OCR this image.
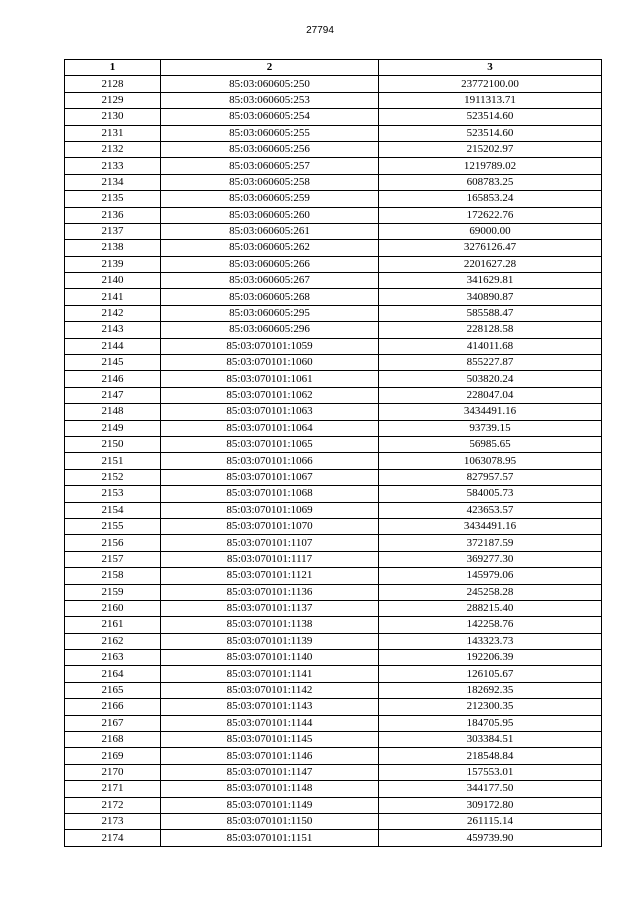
27794
1	2	3
2128	85:03:060605:250	23772100.00
2129	85:03:060605:253	1911313.71
2130	85:03:060605:254	523514.60
2131	85:03:060605:255	523514.60
2132	85:03:060605:256	215202.97
2133	85:03:060605:257	1219789.02
2134	85:03:060605:258	608783.25
2135	85:03:060605:259	165853.24
2136	85:03:060605:260	172622.76
2137	85:03:060605:261	69000.00
2138	85:03:060605:262	3276126.47
2139	85:03:060605:266	2201627.28
2140	85:03:060605:267	341629.81
2141	85:03:060605:268	340890.87
2142	85:03:060605:295	585588.47
2143	85:03:060605:296	228128.58
2144	85:03:070101:1059	414011.68
2145	85:03:070101:1060	855227.87
2146	85:03:070101:1061	503820.24
2147	85:03:070101:1062	228047.04
2148	85:03:070101:1063	3434491.16
2149	85:03:070101:1064	93739.15
2150	85:03:070101:1065	56985.65
2151	85:03:070101:1066	1063078.95
2152	85:03:070101:1067	827957.57
2153	85:03:070101:1068	584005.73
2154	85:03:070101:1069	423653.57
2155	85:03:070101:1070	3434491.16
2156	85:03:070101:1107	372187.59
2157	85:03:070101:1117	369277.30
2158	85:03:070101:1121	145979.06
2159	85:03:070101:1136	245258.28
2160	85:03:070101:1137	288215.40
2161	85:03:070101:1138	142258.76
2162	85:03:070101:1139	143323.73
2163	85:03:070101:1140	192206.39
2164	85:03:070101:1141	126105.67
2165	85:03:070101:1142	182692.35
2166	85:03:070101:1143	212300.35
2167	85:03:070101:1144	184705.95
2168	85:03:070101:1145	303384.51
2169	85:03:070101:1146	218548.84
2170	85:03:070101:1147	157553.01
2171	85:03:070101:1148	344177.50
2172	85:03:070101:1149	309172.80
2173	85:03:070101:1150	261115.14
2174	85:03:070101:1151	459739.90
